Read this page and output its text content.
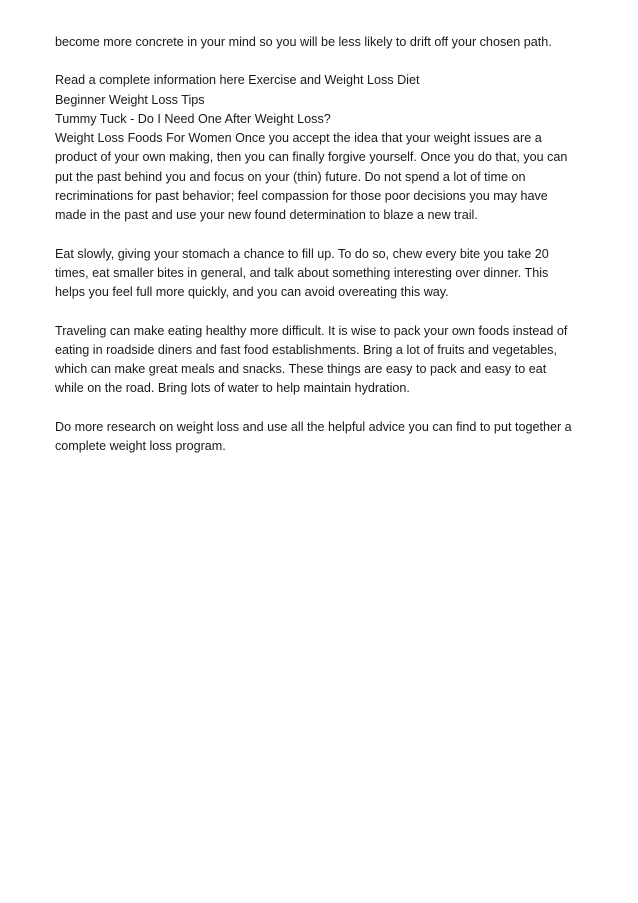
become more concrete in your mind so you will be less likely to drift off your chosen path.

Read a complete information here Exercise and Weight Loss Diet
Beginner Weight Loss Tips
Tummy Tuck - Do I Need One After Weight Loss?
Weight Loss Foods For Women Once you accept the idea that your weight issues are a
product of your own making, then you can finally forgive yourself. Once you do that, you can
put the past behind you and focus on your (thin) future. Do not spend a lot of time on
recriminations for past behavior; feel compassion for those poor decisions you may have
made in the past and use your new found determination to blaze a new trail.

Eat slowly, giving your stomach a chance to fill up. To do so, chew every bite you take 20
times, eat smaller bites in general, and talk about something interesting over dinner. This
helps you feel full more quickly, and you can avoid overeating this way.

Traveling can make eating healthy more difficult. It is wise to pack your own foods instead of
eating in roadside diners and fast food establishments. Bring a lot of fruits and vegetables,
which can make great meals and snacks. These things are easy to pack and easy to eat
while on the road. Bring lots of water to help maintain hydration.

Do more research on weight loss and use all the helpful advice you can find to put together a
complete weight loss program.
